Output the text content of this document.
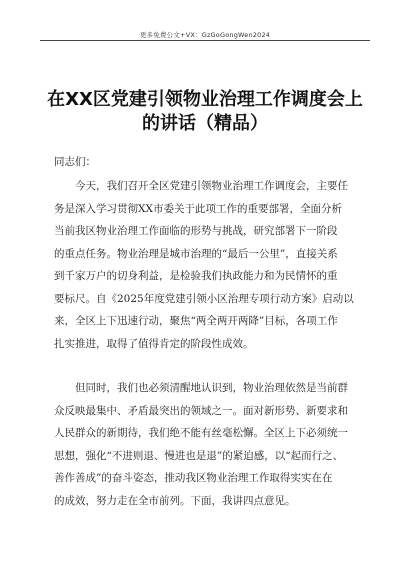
更多免费公文+VX：GzGoGongWen2024
在XX区党建引领物业治理工作调度会上
的讲话（精品）
同志们：
今天，我们召开全区党建引领物业治理工作调度会，主要任
务是深入学习贯彻XX市委关于此项工作的重要部署，全面分析
当前我区物业治理工作面临的形势与挑战，研究部署下一阶段
的重点任务。物业治理是城市治理的“最后一公里”，直接关系
到千家万户的切身利益，是检验我们执政能力和为民情怀的重
要标尺。自《2025年度党建引领小区治理专项行动方案》启动以
来，全区上下迅速行动，聚焦“两全两开两降”目标，各项工作
扎实推进，取得了值得肯定的阶段性成效。
但同时，我们也必须清醒地认识到，物业治理依然是当前群
众反映最集中、矛盾最突出的领域之一。面对新形势、新要求和
人民群众的新期待，我们绝不能有丝毫松懈。全区上下必须统一
思想，强化“不进则退、慢进也是退”的紧迫感，以“起而行之、
善作善成”的奋斗姿态，推动我区物业治理工作取得实实在在
的成效，努力走在全市前列。下面，我讲四点意见。
